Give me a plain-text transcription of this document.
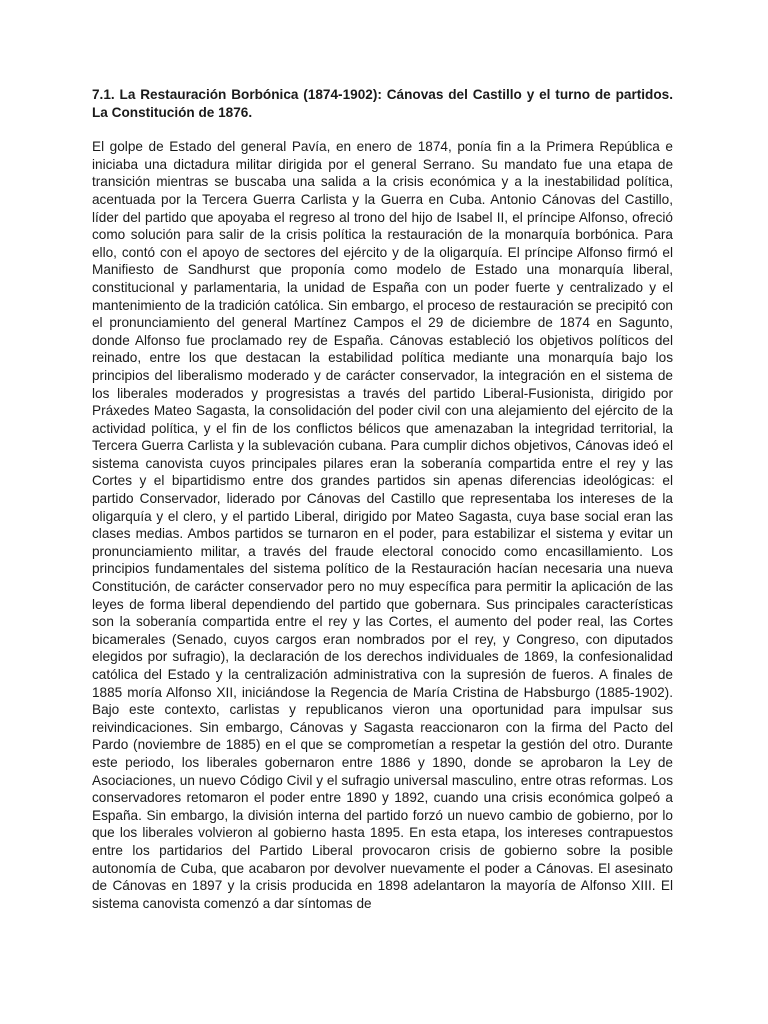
7.1. La Restauración Borbónica (1874-1902): Cánovas del Castillo y el turno de partidos. La Constitución de 1876.

El golpe de Estado del general Pavía, en enero de 1874, ponía fin a la Primera República e iniciaba una dictadura militar dirigida por el general Serrano. Su mandato fue una etapa de transición mientras se buscaba una salida a la crisis económica y a la inestabilidad política, acentuada por la Tercera Guerra Carlista y la Guerra en Cuba. Antonio Cánovas del Castillo, líder del partido que apoyaba el regreso al trono del hijo de Isabel II, el príncipe Alfonso, ofreció como solución para salir de la crisis política la restauración de la monarquía borbónica. Para ello, contó con el apoyo de sectores del ejército y de la oligarquía. El príncipe Alfonso firmó el Manifiesto de Sandhurst que proponía como modelo de Estado una monarquía liberal, constitucional y parlamentaria, la unidad de España con un poder fuerte y centralizado y el mantenimiento de la tradición católica. Sin embargo, el proceso de restauración se precipitó con el pronunciamiento del general Martínez Campos el 29 de diciembre de 1874 en Sagunto, donde Alfonso fue proclamado rey de España. Cánovas estableció los objetivos políticos del reinado, entre los que destacan la estabilidad política mediante una monarquía bajo los principios del liberalismo moderado y de carácter conservador, la integración en el sistema de los liberales moderados y progresistas a través del partido Liberal-Fusionista, dirigido por Práxedes Mateo Sagasta, la consolidación del poder civil con una alejamiento del ejército de la actividad política, y el fin de los conflictos bélicos que amenazaban la integridad territorial, la Tercera Guerra Carlista y la sublevación cubana. Para cumplir dichos objetivos, Cánovas ideó el sistema canovista cuyos principales pilares eran la soberanía compartida entre el rey y las Cortes y el bipartidismo entre dos grandes partidos sin apenas diferencias ideológicas: el partido Conservador, liderado por Cánovas del Castillo que representaba los intereses de la oligarquía y el clero, y el partido Liberal, dirigido por Mateo Sagasta, cuya base social eran las clases medias. Ambos partidos se turnaron en el poder, para estabilizar el sistema y evitar un pronunciamiento militar, a través del fraude electoral conocido como encasillamiento. Los principios fundamentales del sistema político de la Restauración hacían necesaria una nueva Constitución, de carácter conservador pero no muy específica para permitir la aplicación de las leyes de forma liberal dependiendo del partido que gobernara. Sus principales características son la soberanía compartida entre el rey y las Cortes, el aumento del poder real, las Cortes bicamerales (Senado, cuyos cargos eran nombrados por el rey, y Congreso, con diputados elegidos por sufragio), la declaración de los derechos individuales de 1869, la confesionalidad católica del Estado y la centralización administrativa con la supresión de fueros. A finales de 1885 moría Alfonso XII, iniciándose la Regencia de María Cristina de Habsburgo (1885-1902). Bajo este contexto, carlistas y republicanos vieron una oportunidad para impulsar sus reivindicaciones. Sin embargo, Cánovas y Sagasta reaccionaron con la firma del Pacto del Pardo (noviembre de 1885) en el que se comprometían a respetar la gestión del otro. Durante este periodo, los liberales gobernaron entre 1886 y 1890, donde se aprobaron la Ley de Asociaciones, un nuevo Código Civil y el sufragio universal masculino, entre otras reformas. Los conservadores retomaron el poder entre 1890 y 1892, cuando una crisis económica golpeó a España. Sin embargo, la división interna del partido forzó un nuevo cambio de gobierno, por lo que los liberales volvieron al gobierno hasta 1895. En esta etapa, los intereses contrapuestos entre los partidarios del Partido Liberal provocaron crisis de gobierno sobre la posible autonomía de Cuba, que acabaron por devolver nuevamente el poder a Cánovas. El asesinato de Cánovas en 1897 y la crisis producida en 1898 adelantaron la mayoría de Alfonso XIII. El sistema canovista comenzó a dar síntomas de
